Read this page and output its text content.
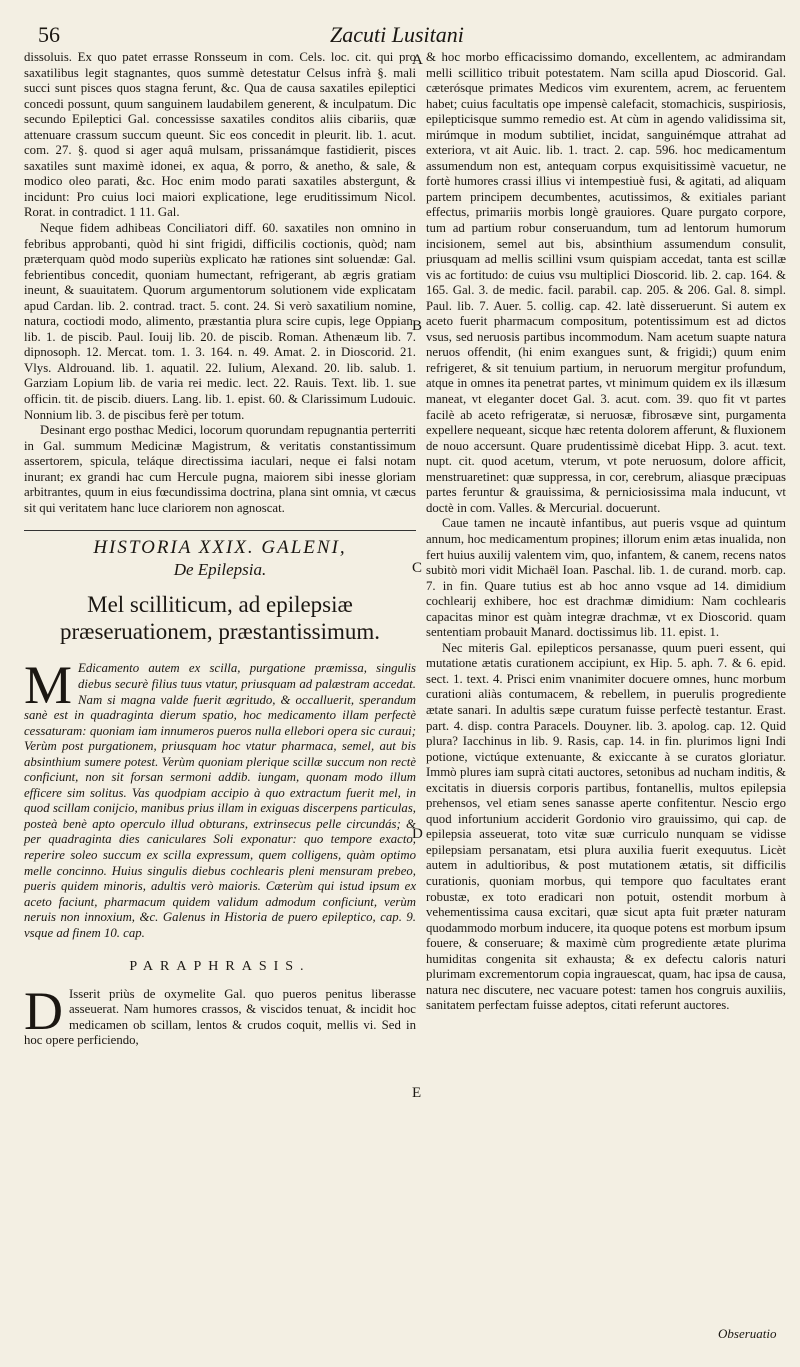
56	Zacuti Lusitani
A
B
C
D
E

dissoluis. Ex quo patet errasse Ronsseum in com. Cels. loc. cit. qui pro saxatilibus legit stagnantes, quos summè detestatur Celsus infrà §. mali succi sunt pisces quos stagna ferunt, &c. Qua de causa saxatiles epileptici concedi possunt, quum sanguinem laudabilem generent, & inculpatum. Dic secundo Epileptici Gal. concessisse saxatiles conditos aliis cibariis, quæ attenuare crassum succum queunt. Sic eos concedit in pleurit. lib. 1. acut. com. 27. §. quod si ager aquâ mulsam, prissanámque fastidierit, pisces saxatiles sunt maximè idonei, ex aqua, & porro, & anetho, & sale, & modico oleo parati, &c. Hoc enim modo parati saxatiles abstergunt, & incidunt: Pro cuius loci maiori explicatione, lege eruditissimum Nicol. Rorat. in contradict. 1 11. Gal.

Neque fidem adhibeas Conciliatori diff. 60. saxatiles non omnino in febribus approbanti, quòd hi sint frigidi, difficilis coctionis, quòd; nam præterquam quòd modo superiùs explicato hæ rationes sint soluendæ: Gal. febrientibus concedit, quoniam humectant, refrigerant, ab ægris gratiam ineunt, & suauitatem. Quorum argumentorum solutionem vide explicatam apud Cardan. lib. 2. contrad. tract. 5. cont. 24. Si verò saxatilium nomine, natura, coctiodi modo, alimento, præstantia plura scire cupis, lege Oppian. lib. 1. de piscib. Paul. Iouij lib. 20. de piscib. Roman. Athenæum lib. 7. dipnosoph. 12. Mercat. tom. 1. 3. 164. n. 49. Amat. 2. in Dioscorid. 21. Vlys. Aldrouand. lib. 1. aquatil. 22. Iulium, Alexand. 20. lib. salub. 1. Garziam Lopium lib. de varia rei medic. lect. 22. Rauis. Text. lib. 1. sue officin. tit. de piscib. diuers. Lang. lib. 1. epist. 60. & Clarissimum Ludouic. Nonnium lib. 3. de piscibus ferè per totum.

Desinant ergo posthac Medici, locorum quorundam repugnantia perterriti in Gal. summum Medicinæ Magistrum, & veritatis constantissimum assertorem, spicula, teláque directissima iaculari, neque ei falsi notam inurant; ex grandi hac cum Hercule pugna, maiorem sibi inesse gloriam arbitrantes, quum in eius fœcundissima doctrina, plana sint omnia, vt cæcus sit qui veritatem hanc luce clariorem non agnoscat.

HISTORIA XXIX. GALENI,
De Epilepsia.
Mel scilliticum, ad epilepsiæ præseruationem, præstantissimum.

M Edicamento autem ex scilla, purgatione præmissa, singulis diebus securè filius tuus vtatur, priusquam ad palæstram accedat. Nam si magna valde fuerit ægritudo, & occalluerit, sperandum sanè est in quadraginta dierum spatio, hoc medicamento illam perfectè cessaturam: quoniam iam innumeros pueros nulla ellebori opera sic curaui; Verùm post purgationem, priusquam hoc vtatur pharmaca, semel, aut bis absinthium sumere potest. Verùm quoniam plerique scillæ succum non rectè conficiunt, non sit forsan sermoni addib. iungam, quonam modo illum efficere sim solitus. Vas quodpiam accipio à quo extractum fuerit mel, in quod scillam conijcio, manibus prius illam in exiguas discerpens particulas, posteà benè apto operculo illud obturans, extrinsecus pelle circundás; & per quadraginta dies caniculares Soli exponatur: quo tempore exacto, reperire soleo succum ex scilla expressum, quem colligens, quàm optimo melle concinno. Huius singulis diebus cochlearis pleni mensuram prebeo, pueris quidem minoris, adultis verò maioris. Cæterùm qui istud ipsum ex aceto faciunt, pharmacum quidem validum admodum conficiunt, verùm neruis non innoxium, &c. Galenus in Historia de puero epileptico, cap. 9. vsque ad finem 10. cap.

PARAPHRASIS.

D Isserit priùs de oxymelite Gal. quo pueros penitus liberasse asseuerat. Nam humores crassos, & viscidos tenuat, & incidit hoc medicamen ob scillam, lentos & crudos coquit, mellis vi. Sed in hoc opere perficiendo,

& hoc morbo efficacissimo domando, excellentem, ac admirandam melli scillitico tribuit potestatem. Nam scilla apud Dioscorid. Gal. cæterósque primates Medicos vim exurentem, acrem, ac feruentem habet; cuius facultatis ope impensè calefacit, stomachicis, suspiriosis, epilepticisque summo remedio est. At cùm in agendo validissima sit, mirúmque in modum subtiliet, incidat, sanguinémque attrahat ad exteriora, vt ait Auic. lib. 1. tract. 2. cap. 596. hoc medicamentum assumendum non est, antequam corpus exquisitissimè vacuetur, ne fortè humores crassi illius vi intempestiuè fusi, & agitati, ad aliquam partem principem decumbentes, acutissimos, & exitiales pariant effectus, primariis morbis longè grauiores. Quare purgato corpore, tum ad partium robur conseruandum, tum ad lentorum humorum incisionem, semel aut bis, absinthium assumendum consulit, priusquam ad mellis scillini vsum quispiam accedat, tanta est scillæ vis ac fortitudo: de cuius vsu multiplici Dioscorid. lib. 2. cap. 164. & 165. Gal. 3. de medic. facil. parabil. cap. 205. & 206. Gal. 8. simpl. Paul. lib. 7. Auer. 5. collig. cap. 42. latè disseruerunt. Si autem ex aceto fuerit pharmacum compositum, potentissimum est ad dictos vsus, sed neruosis partibus incommodum. Nam acetum suapte natura neruos offendit, (hi enim exangues sunt, & frigidi;) quum enim refrigeret, & sit tenuium partium, in neruorum mergitur profundum, atque in omnes ita penetrat partes, vt minimum quidem ex ils illæsum maneat, vt eleganter docet Gal. 3. acut. com. 39. quo fit vt partes facilè ab aceto refrigeratæ, si neruosæ, fibrosæve sint, purgamenta expellere nequeant, sicque hæc retenta dolorem afferunt, & fluxionem de nouo accersunt. Quare prudentissimè dicebat Hipp. 3. acut. text. nupt. cit. quod acetum, vterum, vt pote neruosum, dolore afficit, menstruaretinet: quæ suppressa, in cor, cerebrum, aliasque præcipuas partes feruntur & grauissima, & perniciosissima mala inducunt, vt doctè in com. Valles. & Mercurial. docuerunt.

Caue tamen ne incautè infantibus, aut pueris vsque ad quintum annum, hoc medicamentum propines; illorum enim ætas inualida, non fert huius auxilij valentem vim, quo, infantem, & canem, recens natos subitò mori vidit Michaël Ioan. Paschal. lib. 1. de curand. morb. cap. 7. in fin. Quare tutius est ab hoc anno vsque ad 14. dimidium cochlearij exhibere, hoc est drachmæ dimidium: Nam cochlearis capacitas minor est quàm integræ drachmæ, vt ex Dioscorid. quam sententiam probauit Manard. doctissimus lib. 11. epist. 1.

Nec miteris Gal. epilepticos persanasse, quum pueri essent, qui mutatione ætatis curationem accipiunt, ex Hip. 5. aph. 7. & 6. epid. sect. 1. text. 4. Prisci enim vnanimiter docuere omnes, hunc morbum curationi aliàs contumacem, & rebellem, in puerulis progrediente ætate sanari. In adultis sæpe curatum fuisse perfectè testantur. Erast. part. 4. disp. contra Paracels. Douyner. lib. 3. apolog. cap. 12. Quid plura? Iacchinus in lib. 9. Rasis, cap. 14. in fin. plurimos ligni Indi potione, victúque extenuante, & exiccante à se curatos gloriatur. Immò plures iam suprà citati auctores, setonibus ad nucham inditis, & excitatis in diuersis corporis partibus, fontanellis, multos epilepsia prehensos, vel etiam senes sanasse aperte confitentur. Nescio ergo quod infortunium acciderit Gordonio viro grauissimo, qui cap. de epilepsia asseuerat, toto vitæ suæ curriculo nunquam se vidisse epilepsiam persanatam, etsi plura auxilia fuerit exequutus. Licèt autem in adultioribus, & post mutationem ætatis, sit difficilis curationis, quoniam morbus, qui tempore quo facultates erant robustæ, ex toto eradicari non potuit, ostendit morbum à vehementissima causa excitari, quæ sicut apta fuit præter naturam quodammodo morbum inducere, ita quoque potens est morbum ipsum fouere, & conseruare; & maximè cùm progrediente ætate plurima humiditas congenita sit exhausta; & ex defectu caloris naturi plurimam excrementorum copia ingrauescat, quam, hac ipsa de causa, natura nec discutere, nec vacuare potest: tamen hos congruis auxiliis, sanitatem perfectam fuisse adeptos, citati referunt auctores.

Obseruatio
